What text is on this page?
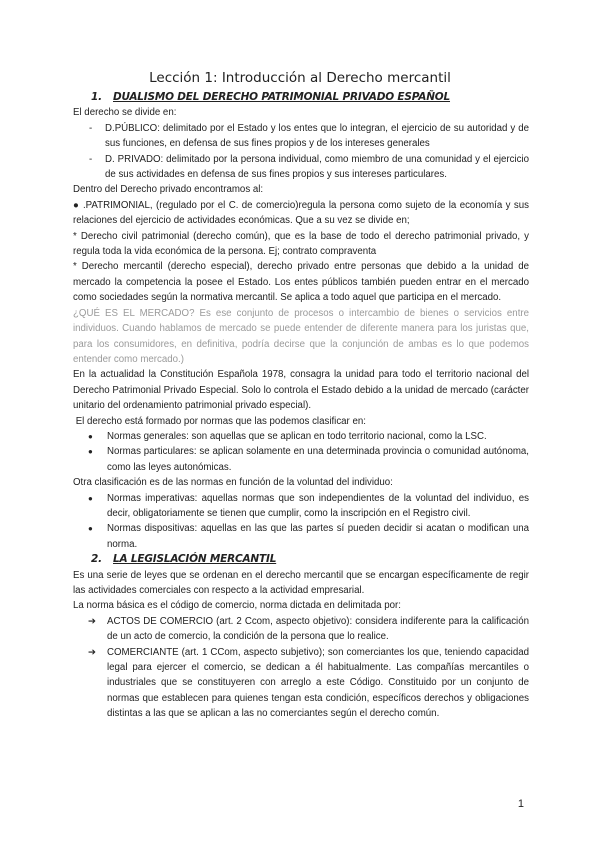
Lección 1: Introducción al Derecho mercantil
1. DUALISMO DEL DERECHO PATRIMONIAL PRIVADO ESPAÑOL

El derecho se divide en:

- D.PÚBLICO: delimitado por el Estado y los entes que lo integran, el ejercicio de su autoridad y de sus funciones, en defensa de sus fines propios y de los intereses generales
- D. PRIVADO: delimitado por la persona individual, como miembro de una comunidad y el ejercicio de sus actividades en defensa de sus fines propios y sus intereses particulares.

Dentro del Derecho privado encontramos al:

● .PATRIMONIAL, (regulado por el C. de comercio)regula la persona como sujeto de la economía y sus relaciones del ejercicio de actividades económicas. Que a su vez se divide en;

* Derecho civil patrimonial (derecho común), que es la base de todo el derecho patrimonial privado, y regula toda la vida económica de la persona. Ej; contrato compraventa

* Derecho mercantil (derecho especial), derecho privado entre personas que debido a la unidad de mercado la competencia la posee el Estado. Los entes públicos también pueden entrar en el mercado como sociedades según la normativa mercantil. Se aplica a todo aquel que participa en el mercado.

¿QUÉ ES EL MERCADO? Es ese conjunto de procesos o intercambio de bienes o servicios entre individuos. Cuando hablamos de mercado se puede entender de diferente manera para los juristas que, para los consumidores, en definitiva, podría decirse que la conjunción de ambas es lo que podemos entender como mercado.)

En la actualidad la Constitución Española 1978, consagra la unidad para todo el territorio nacional del Derecho Patrimonial Privado Especial. Solo lo controla el Estado debido a la unidad de mercado (carácter unitario del ordenamiento patrimonial privado especial).

El derecho está formado por normas que las podemos clasificar en:

● Normas generales: son aquellas que se aplican en todo territorio nacional, como la LSC.
● Normas particulares: se aplican solamente en una determinada provincia o comunidad autónoma, como las leyes autonómicas.

Otra clasificación es de las normas en función de la voluntad del individuo:

● Normas imperativas: aquellas normas que son independientes de la voluntad del individuo, es decir, obligatoriamente se tienen que cumplir, como la inscripción en el Registro civil.
● Normas dispositivas: aquellas en las que las partes sí pueden decidir si acatan o modifican una norma.
2. LA LEGISLACIÓN MERCANTIL

Es una serie de leyes que se ordenan en el derecho mercantil que se encargan específicamente de regir las actividades comerciales con respecto a la actividad empresarial.

La norma básica es el código de comercio, norma dictada en delimitada por:

➔ ACTOS DE COMERCIO (art. 2 Ccom, aspecto objetivo): considera indiferente para la calificación de un acto de comercio, la condición de la persona que lo realice.
➔ COMERCIANTE (art. 1 CCom, aspecto subjetivo); son comerciantes los que, teniendo capacidad legal para ejercer el comercio, se dedican a él habitualmente. Las compañías mercantiles o industriales que se constituyeren con arreglo a este Código. Constituido por un conjunto de normas que establecen para quienes tengan esta condición, específicos derechos y obligaciones distintas a las que se aplican a las no comerciantes según el derecho común.
1
